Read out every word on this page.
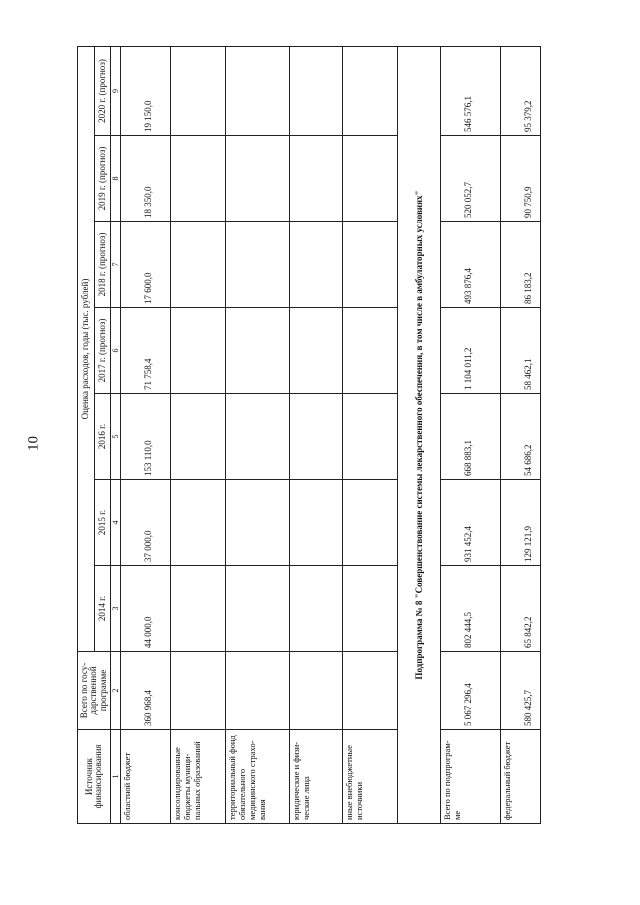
10
Источник финансирования	Всего по госу-дарственной программе	Оценка расходов, годы (тыс. рублей)						
		2014 г.	2015 г.	2016 г.	2017 г. (прогноз)	2018 г. (прогноз)	2019 г. (прогноз)	2020 г. (прогноз)
1	2	3	4	5	6	7	8	9
областной бюджет	360 968,4	44 000,0	37 000,0	153 110,0	71 758,4	17 600,0	18 350,0	19 150,0
консолидированные бюджеты муници-пальных образований								
территориальный фонд обязательного медицинского страхо-вания								
юридические и физи-ческие лица								
иные внебюджетные источники								
Подпрограмма № 8 "Совершенствование системы лекарственного обеспечения, в том числе в амбулаторных условиях"								
Всего по подпрограм-ме	5 067 296,4	802 444,5	931 452,4	668 883,1	1 104 011,2	493 876,4	520 052,7	546 576,1
федеральный бюджет	580 425,7	65 842,2	129 121,9	54 686,2	58 462,1	86 183,2	90 750,9	95 379,2
